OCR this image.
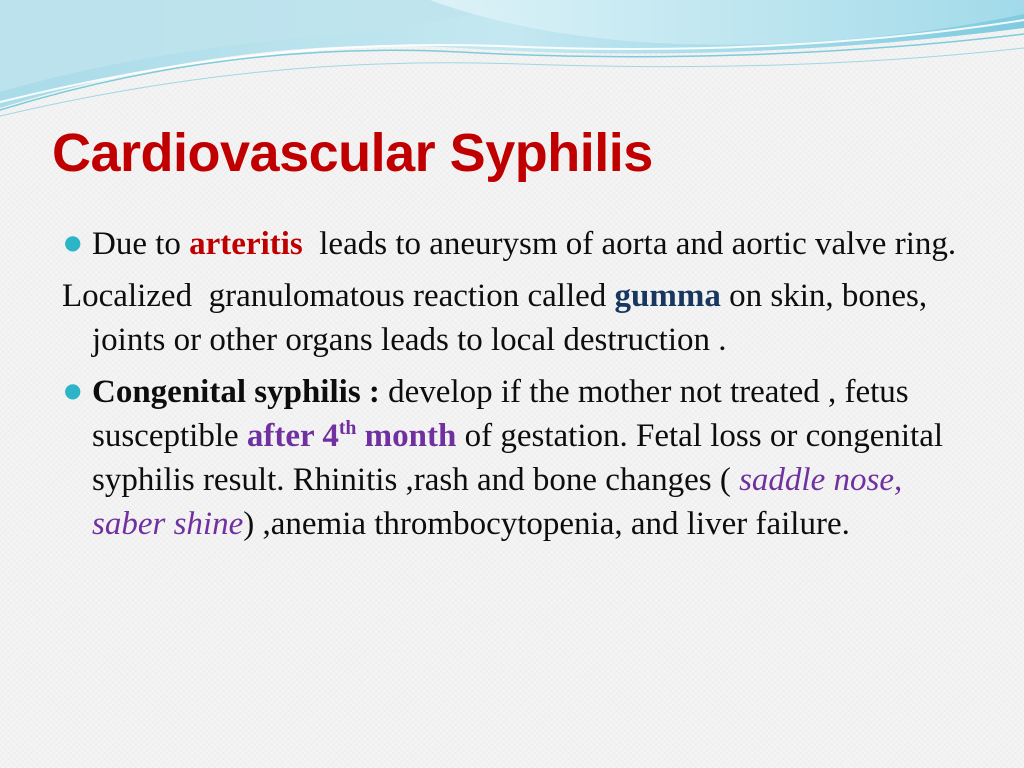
Cardiovascular Syphilis

● Due to arteritis  leads to aneurysm of aorta and aortic valve ring.

Localized  granulomatous reaction called gumma on skin, bones, joints or other organs leads to local destruction .

● Congenital syphilis : develop if the mother not treated , fetus susceptible after 4th month of gestation. Fetal loss or congenital syphilis result. Rhinitis ,rash and bone changes ( saddle nose, saber shine) ,anemia thrombocytopenia, and liver failure.
